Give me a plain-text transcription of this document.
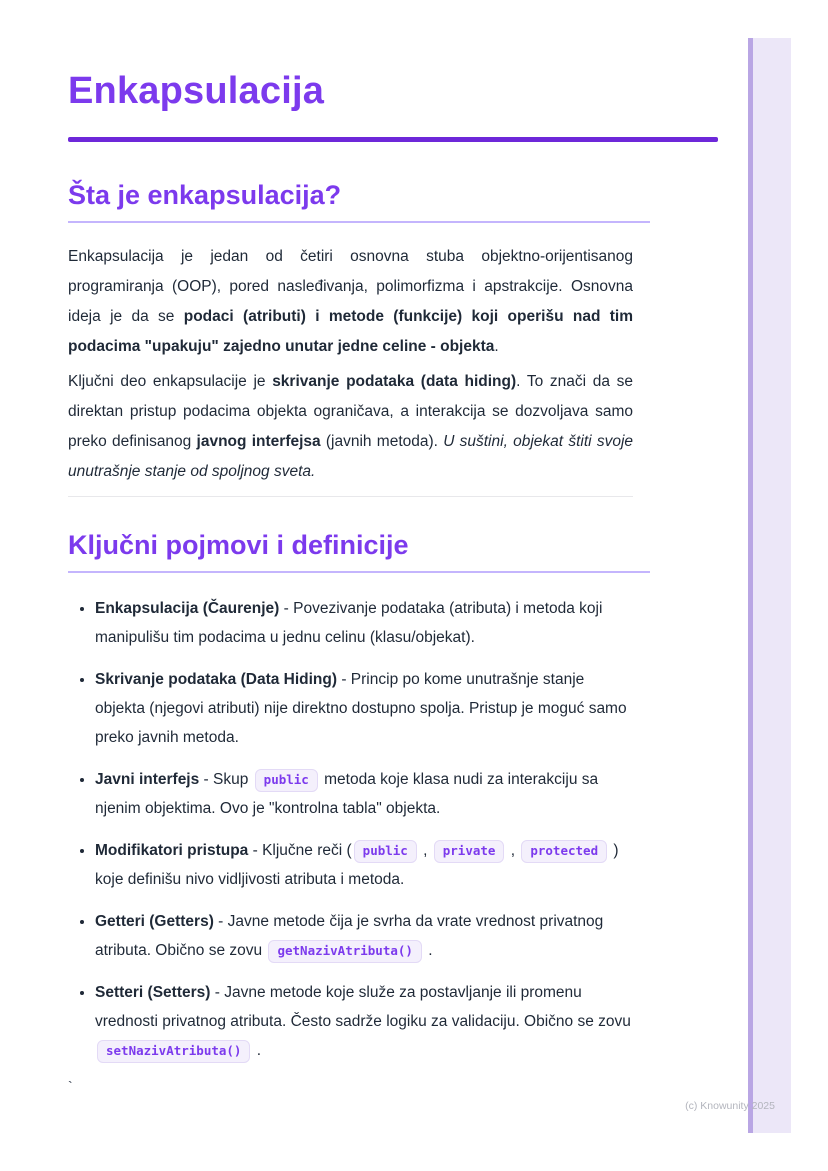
Enkapsulacija
Šta je enkapsulacija?

Enkapsulacija je jedan od četiri osnovna stuba objektno-orijentisanog programiranja (OOP), pored nasleđivanja, polimorfizma i apstrakcije. Osnovna ideja je da se podaci (atributi) i metode (funkcije) koji operišu nad tim podacima "upakuju" zajedno unutar jedne celine - objekta.

Ključni deo enkapsulacije je skrivanje podataka (data hiding). To znači da se direktan pristup podacima objekta ograničava, a interakcija se dozvoljava samo preko definisanog javnog interfejsa (javnih metoda). U suštini, objekat štiti svoje unutrašnje stanje od spoljnog sveta.

Ključni pojmovi i definicije
• Enkapsulacija (Čaurenje) - Povezivanje podataka (atributa) i metoda koji manipulišu tim podacima u jednu celinu (klasu/objekat).
• Skrivanje podataka (Data Hiding) - Princip po kome unutrašnje stanje objekta (njegovi atributi) nije direktno dostupno spolja. Pristup je moguć samo preko javnih metoda.
• Javni interfejs - Skup public metoda koje klasa nudi za interakciju sa njenim objektima. Ovo je "kontrolna tabla" objekta.
• Modifikatori pristupa - Ključne reči ( public , private , protected ) koje definišu nivo vidljivosti atributa i metoda.
• Getteri (Getters) - Javne metode čija je svrha da vrate vrednost privatnog atributa. Obično se zovu getNazivAtributa() .
• Setteri (Setters) - Javne metode koje služe za postavljanje ili promenu vrednosti privatnog atributa. Često sadrže logiku za validaciju. Obično se zovu setNazivAtributa() .
`
(c) Knowunity 2025
